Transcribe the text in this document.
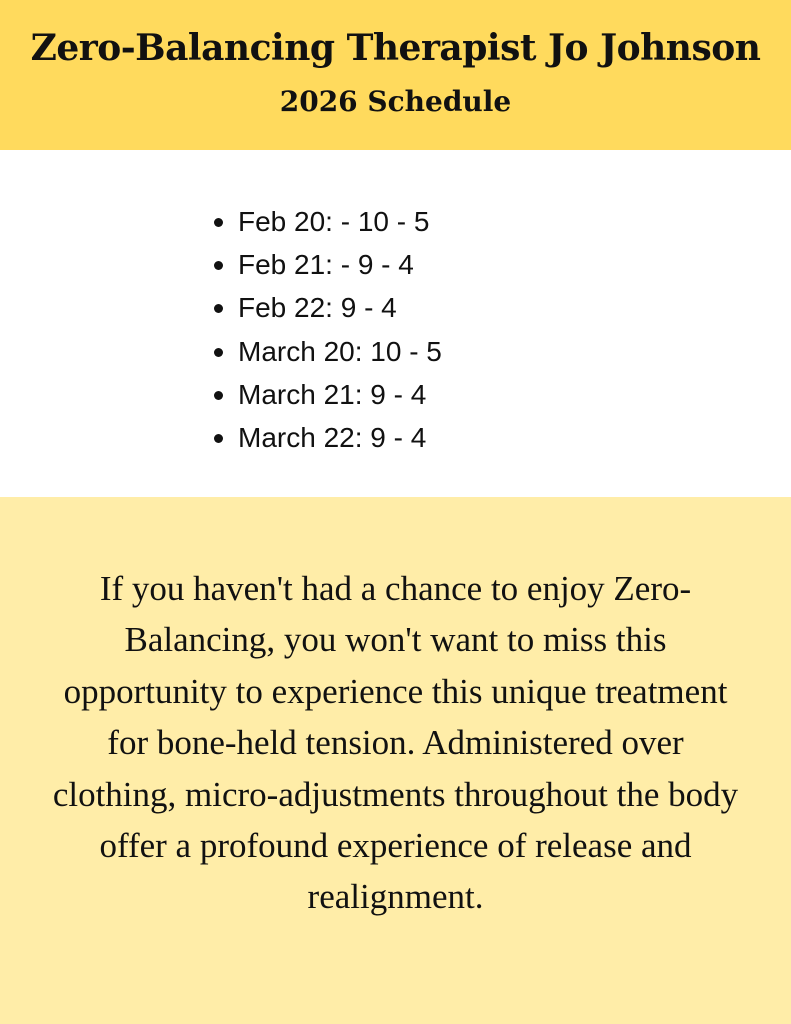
Zero-Balancing Therapist Jo Johnson
2026 Schedule
Feb 20: - 10 - 5
Feb 21: - 9 - 4
Feb 22: 9 - 4
March 20: 10 - 5
March 21: 9 - 4
March 22: 9 - 4

If you haven't had a chance to enjoy Zero-Balancing, you won't want to miss this opportunity to experience this unique treatment for bone-held tension. Administered over clothing, micro-adjustments throughout the body offer a profound experience of release and realignment.
